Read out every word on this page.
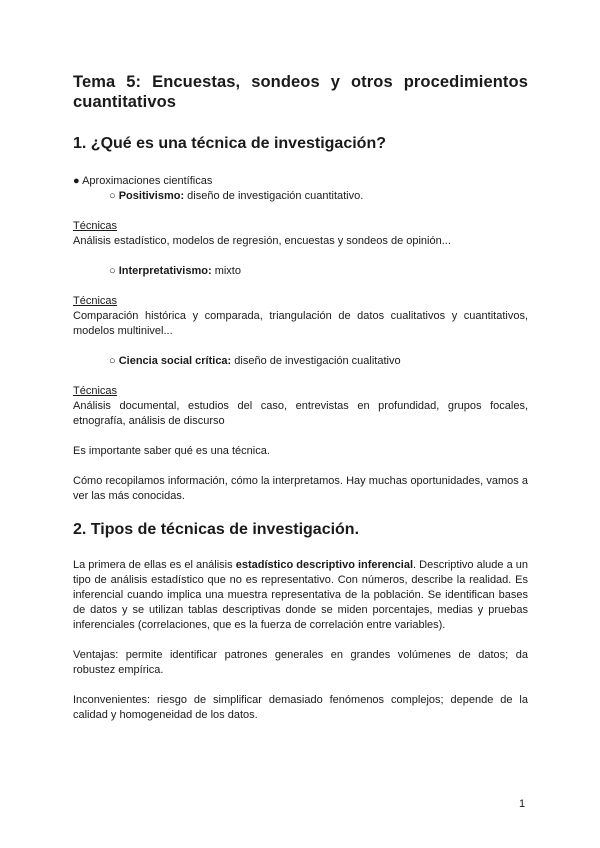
Tema 5: Encuestas, sondeos y otros procedimientos cuantitativos
1. ¿Qué es una técnica de investigación?

● Aproximaciones científicas

○ Positivismo: diseño de investigación cuantitativo.

Técnicas

Análisis estadístico, modelos de regresión, encuestas y sondeos de opinión...

○ Interpretativismo: mixto

Técnicas

Comparación histórica y comparada, triangulación de datos cualitativos y cuantitativos, modelos multinivel...

○ Ciencia social crítica: diseño de investigación cualitativo

Técnicas

Análisis documental, estudios del caso, entrevistas en profundidad, grupos focales, etnografía, análisis de discurso

Es importante saber qué es una técnica.

Cómo recopilamos información, cómo la interpretamos. Hay muchas oportunidades, vamos a ver las más conocidas.

2. Tipos de técnicas de investigación.

La primera de ellas es el análisis estadístico descriptivo inferencial. Descriptivo alude a un tipo de análisis estadístico que no es representativo. Con números, describe la realidad. Es inferencial cuando implica una muestra representativa de la población. Se identifican bases de datos y se utilizan tablas descriptivas donde se miden porcentajes, medias y pruebas inferenciales (correlaciones, que es la fuerza de correlación entre variables).

Ventajas: permite identificar patrones generales en grandes volúmenes de datos; da robustez empírica.

Inconvenientes: riesgo de simplificar demasiado fenómenos complejos; depende de la calidad y homogeneidad de los datos.

1
